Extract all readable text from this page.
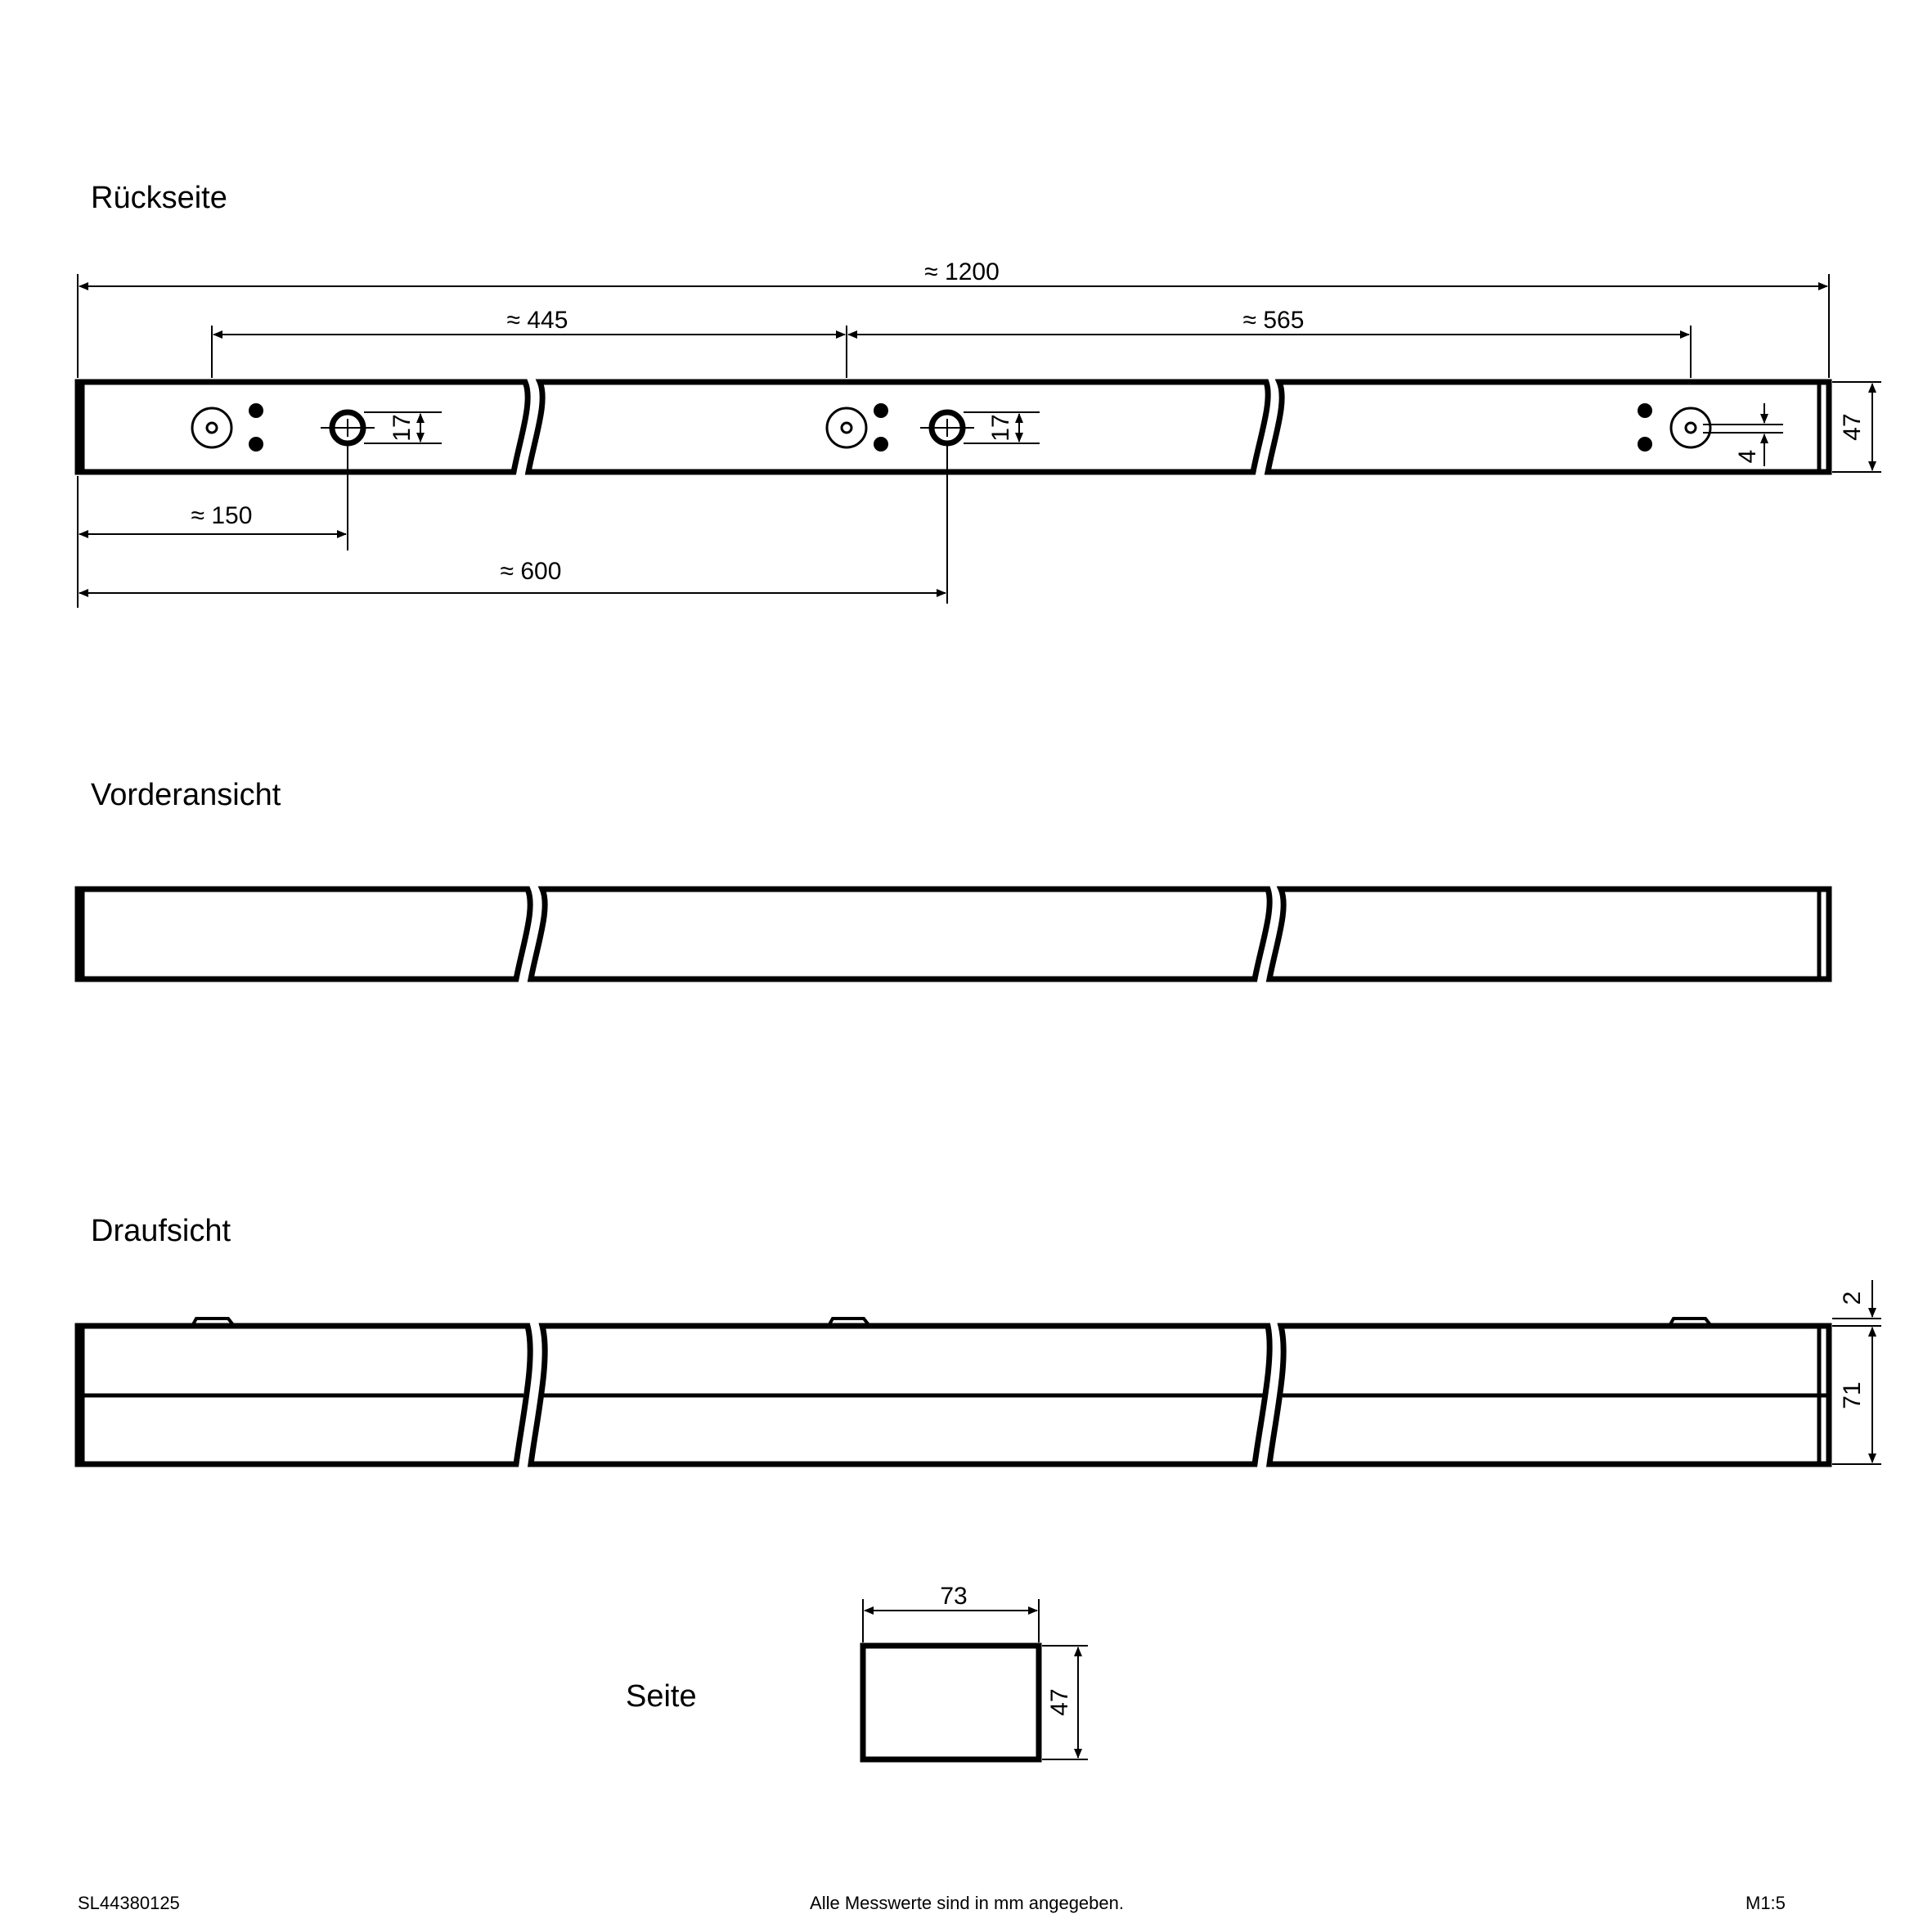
Rückseite
≈ 1200
≈ 445	≈ 565
≈ 150
≈ 600
17	17
4
47
Vorderansicht
Draufsicht
2
71
Seite
73
47
SL44380125	Alle Messwerte sind in mm angegeben.	M1:5
